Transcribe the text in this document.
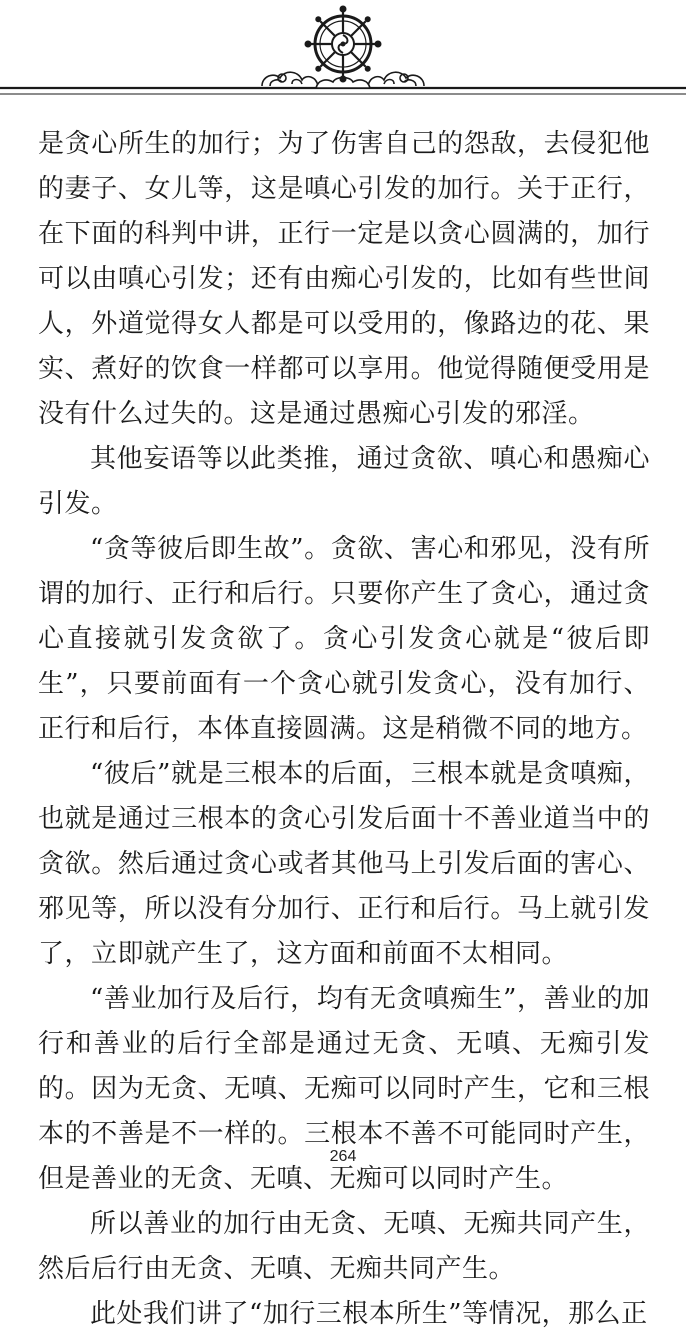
是贪心所生的加行；为了伤害自己的怨敌，去侵犯他的妻子、女儿等，这是嗔心引发的加行。关于正行，在下面的科判中讲，正行一定是以贪心圆满的，加行可以由嗔心引发；还有由痴心引发的，比如有些世间人，外道觉得女人都是可以受用的，像路边的花、果实、煮好的饮食一样都可以享用。他觉得随便受用是没有什么过失的。这是通过愚痴心引发的邪淫。

其他妄语等以此类推，通过贪欲、嗔心和愚痴心引发。

“贪等彼后即生故”。贪欲、害心和邪见，没有所谓的加行、正行和后行。只要你产生了贪心，通过贪心直接就引发贪欲了。贪心引发贪心就是“彼后即生”，只要前面有一个贪心就引发贪心，没有加行、正行和后行，本体直接圆满。这是稍微不同的地方。

“彼后”就是三根本的后面，三根本就是贪嗔痴，也就是通过三根本的贪心引发后面十不善业道当中的贪欲。然后通过贪心或者其他马上引发后面的害心、邪见等，所以没有分加行、正行和后行。马上就引发了，立即就产生了，这方面和前面不太相同。

“善业加行及后行，均有无贪嗔痴生”，善业的加行和善业的后行全部是通过无贪、无嗔、无痴引发的。因为无贪、无嗔、无痴可以同时产生，它和三根本的不善是不一样的。三根本不善不可能同时产生，但是善业的无贪、无嗔、无痴可以同时产生。

所以善业的加行由无贪、无嗔、无痴共同产生，然后后行由无贪、无嗔、无痴共同产生。

此处我们讲了“加行三根本所生”等情况，那么正

264
